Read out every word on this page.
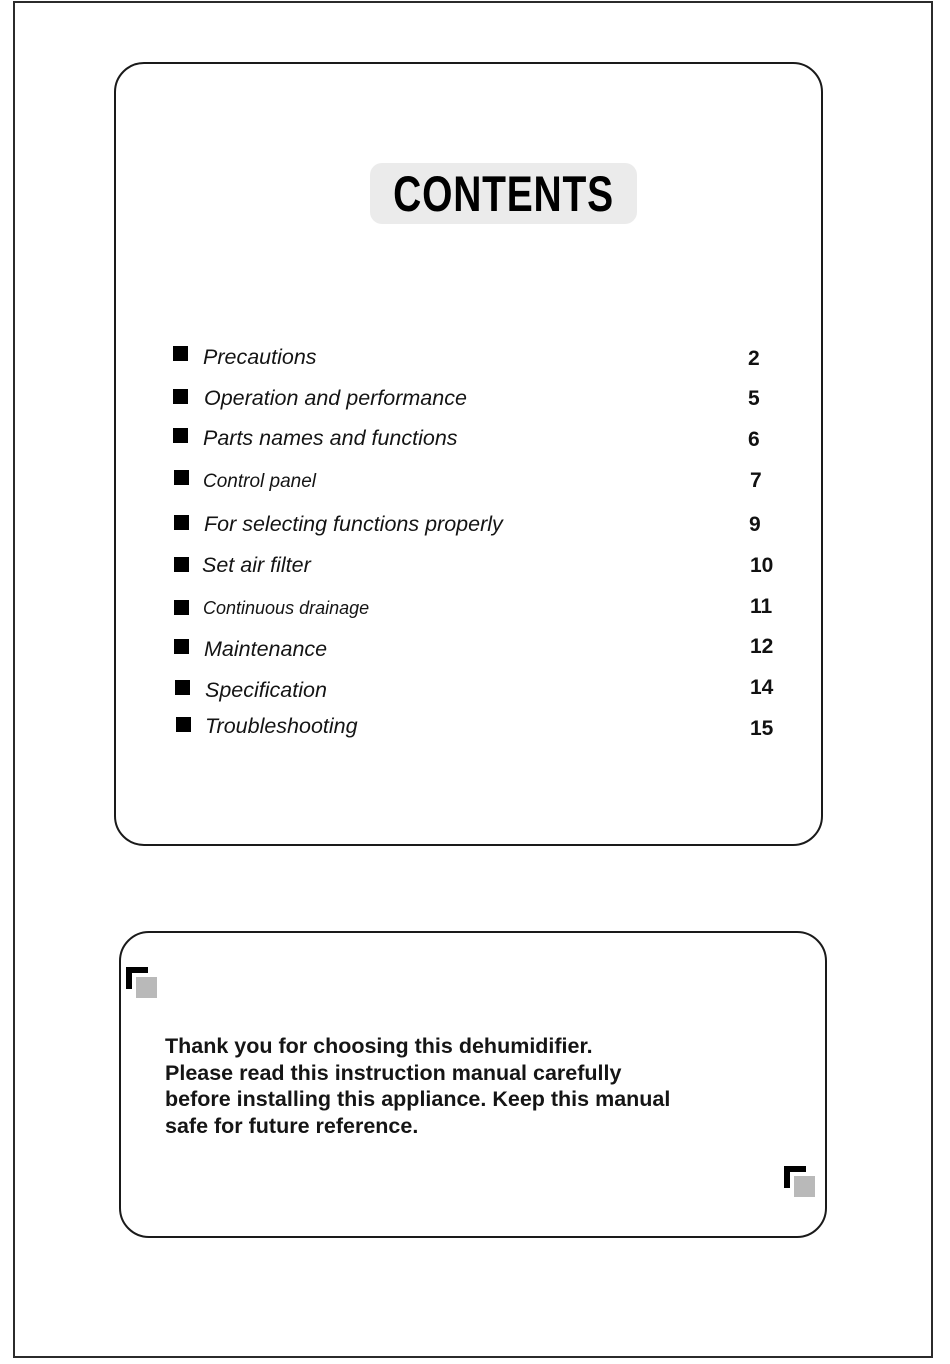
CONTENTS
Precautions	2
Operation and performance	5
Parts names and functions	6
Control panel	7
For selecting functions properly	9
Set air filter	10
Continuous drainage	11
Maintenance	12
Specification	14
Troubleshooting	15
Thank you for choosing this dehumidifier.
Please read this instruction manual carefully
before installing this appliance. Keep this manual
safe for future reference.
